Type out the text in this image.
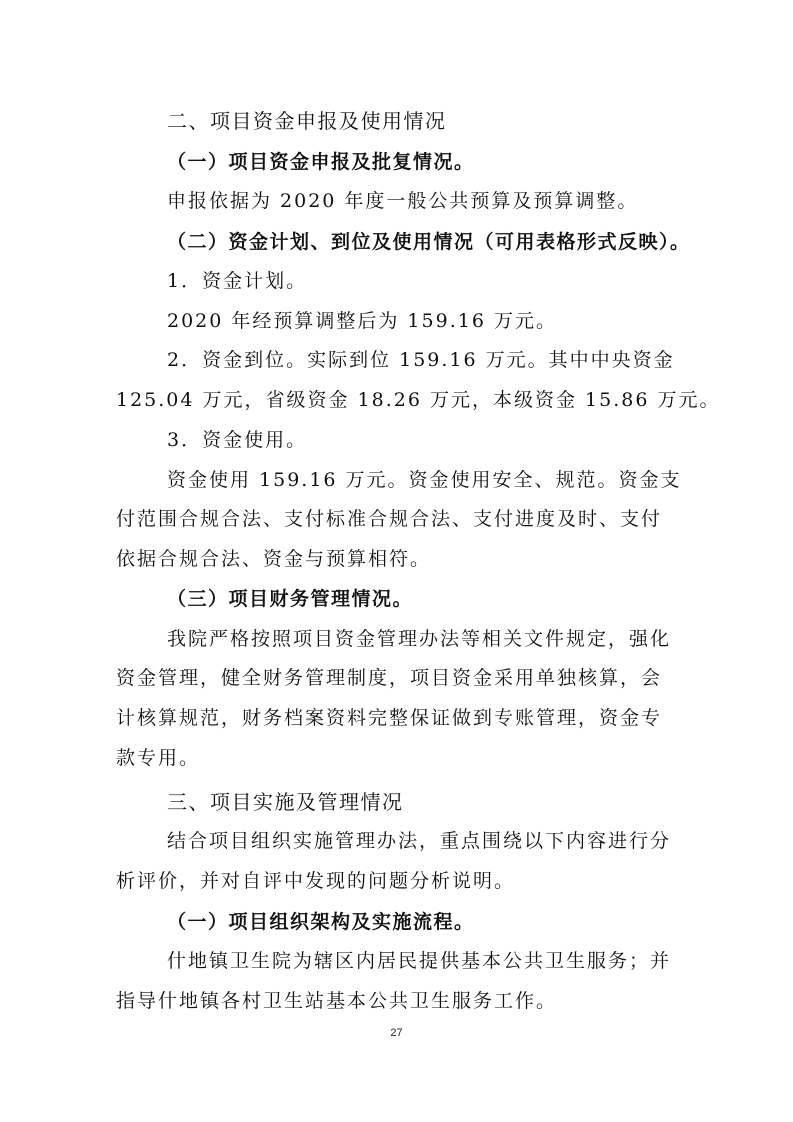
二、项目资金申报及使用情况
（一）项目资金申报及批复情况。
申报依据为 2020 年度一般公共预算及预算调整。
（二）资金计划、到位及使用情况（可用表格形式反映）。
1．资金计划。
2020 年经预算调整后为 159.16 万元。
2．资金到位。实际到位 159.16 万元。其中中央资金
125.04 万元，省级资金 18.26 万元，本级资金 15.86 万元。
3．资金使用。
资金使用 159.16 万元。资金使用安全、规范。资金支
付范围合规合法、支付标准合规合法、支付进度及时、支付
依据合规合法、资金与预算相符。
（三）项目财务管理情况。
我院严格按照项目资金管理办法等相关文件规定，强化
资金管理，健全财务管理制度，项目资金采用单独核算，会
计核算规范，财务档案资料完整保证做到专账管理，资金专
款专用。
三、项目实施及管理情况
结合项目组织实施管理办法，重点围绕以下内容进行分
析评价，并对自评中发现的问题分析说明。
（一）项目组织架构及实施流程。
什地镇卫生院为辖区内居民提供基本公共卫生服务；并
指导什地镇各村卫生站基本公共卫生服务工作。
27
